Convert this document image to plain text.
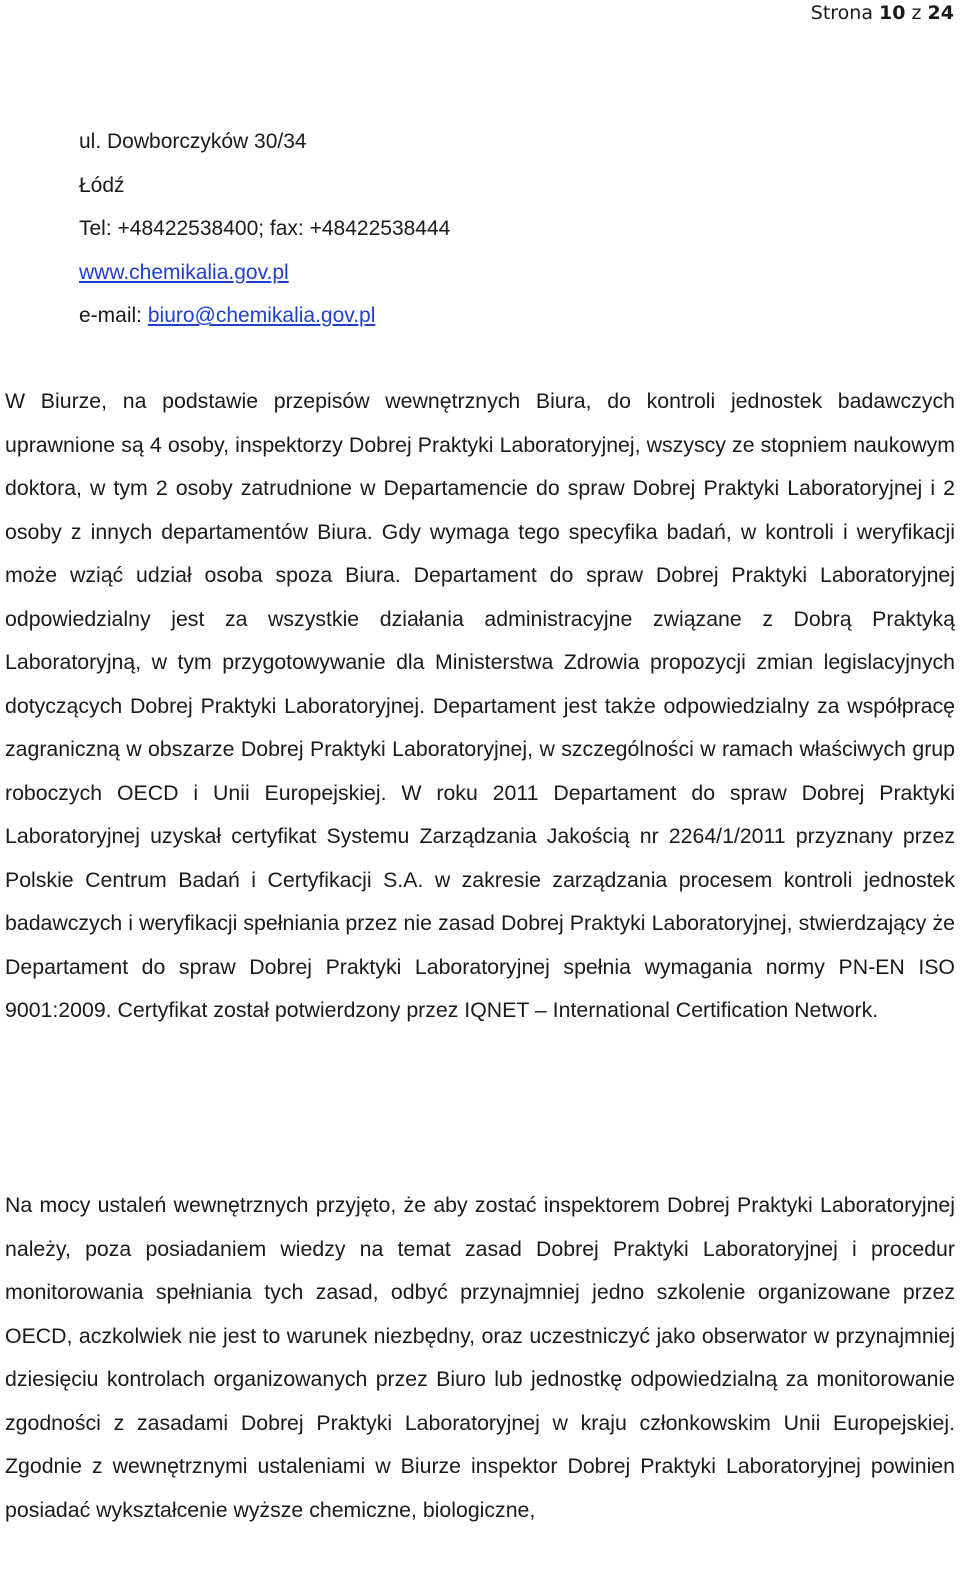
Strona 10 z 24
ul. Dowborczyków 30/34
Łódź
Tel: +48422538400; fax: +48422538444
www.chemikalia.gov.pl
e-mail: biuro@chemikalia.gov.pl

W Biurze, na podstawie przepisów wewnętrznych Biura, do kontroli jednostek badawczych uprawnione są 4 osoby, inspektorzy Dobrej Praktyki Laboratoryjnej, wszyscy ze stopniem naukowym doktora, w tym 2 osoby zatrudnione w Departamencie do spraw Dobrej Praktyki Laboratoryjnej i 2 osoby z innych departamentów Biura. Gdy wymaga tego specyfika badań, w kontroli i weryfikacji może wziąć udział osoba spoza Biura. Departament do spraw Dobrej Praktyki Laboratoryjnej odpowiedzialny jest za wszystkie działania administracyjne związane z Dobrą Praktyką Laboratoryjną, w tym przygotowywanie dla Ministerstwa Zdrowia propozycji zmian legislacyjnych dotyczących Dobrej Praktyki Laboratoryjnej. Departament jest także odpowiedzialny za współpracę zagraniczną w obszarze Dobrej Praktyki Laboratoryjnej, w szczególności w ramach właściwych grup roboczych OECD i Unii Europejskiej. W roku 2011 Departament do spraw Dobrej Praktyki Laboratoryjnej uzyskał certyfikat Systemu Zarządzania Jakością nr 2264/1/2011 przyznany przez Polskie Centrum Badań i Certyfikacji S.A. w zakresie zarządzania procesem kontroli jednostek badawczych i weryfikacji spełniania przez nie zasad Dobrej Praktyki Laboratoryjnej, stwierdzający że Departament do spraw Dobrej Praktyki Laboratoryjnej spełnia wymagania normy PN-EN ISO 9001:2009. Certyfikat został potwierdzony przez IQNET – International Certification Network.

Na mocy ustaleń wewnętrznych przyjęto, że aby zostać inspektorem Dobrej Praktyki Laboratoryjnej należy, poza posiadaniem wiedzy na temat zasad Dobrej Praktyki Laboratoryjnej i procedur monitorowania spełniania tych zasad, odbyć przynajmniej jedno szkolenie organizowane przez OECD, aczkolwiek nie jest to warunek niezbędny, oraz uczestniczyć jako obserwator w przynajmniej dziesięciu kontrolach organizowanych przez Biuro lub jednostkę odpowiedzialną za monitorowanie zgodności z zasadami Dobrej Praktyki Laboratoryjnej w kraju członkowskim Unii Europejskiej. Zgodnie z wewnętrznymi ustaleniami w Biurze inspektor Dobrej Praktyki Laboratoryjnej powinien posiadać wykształcenie wyższe chemiczne, biologiczne,
